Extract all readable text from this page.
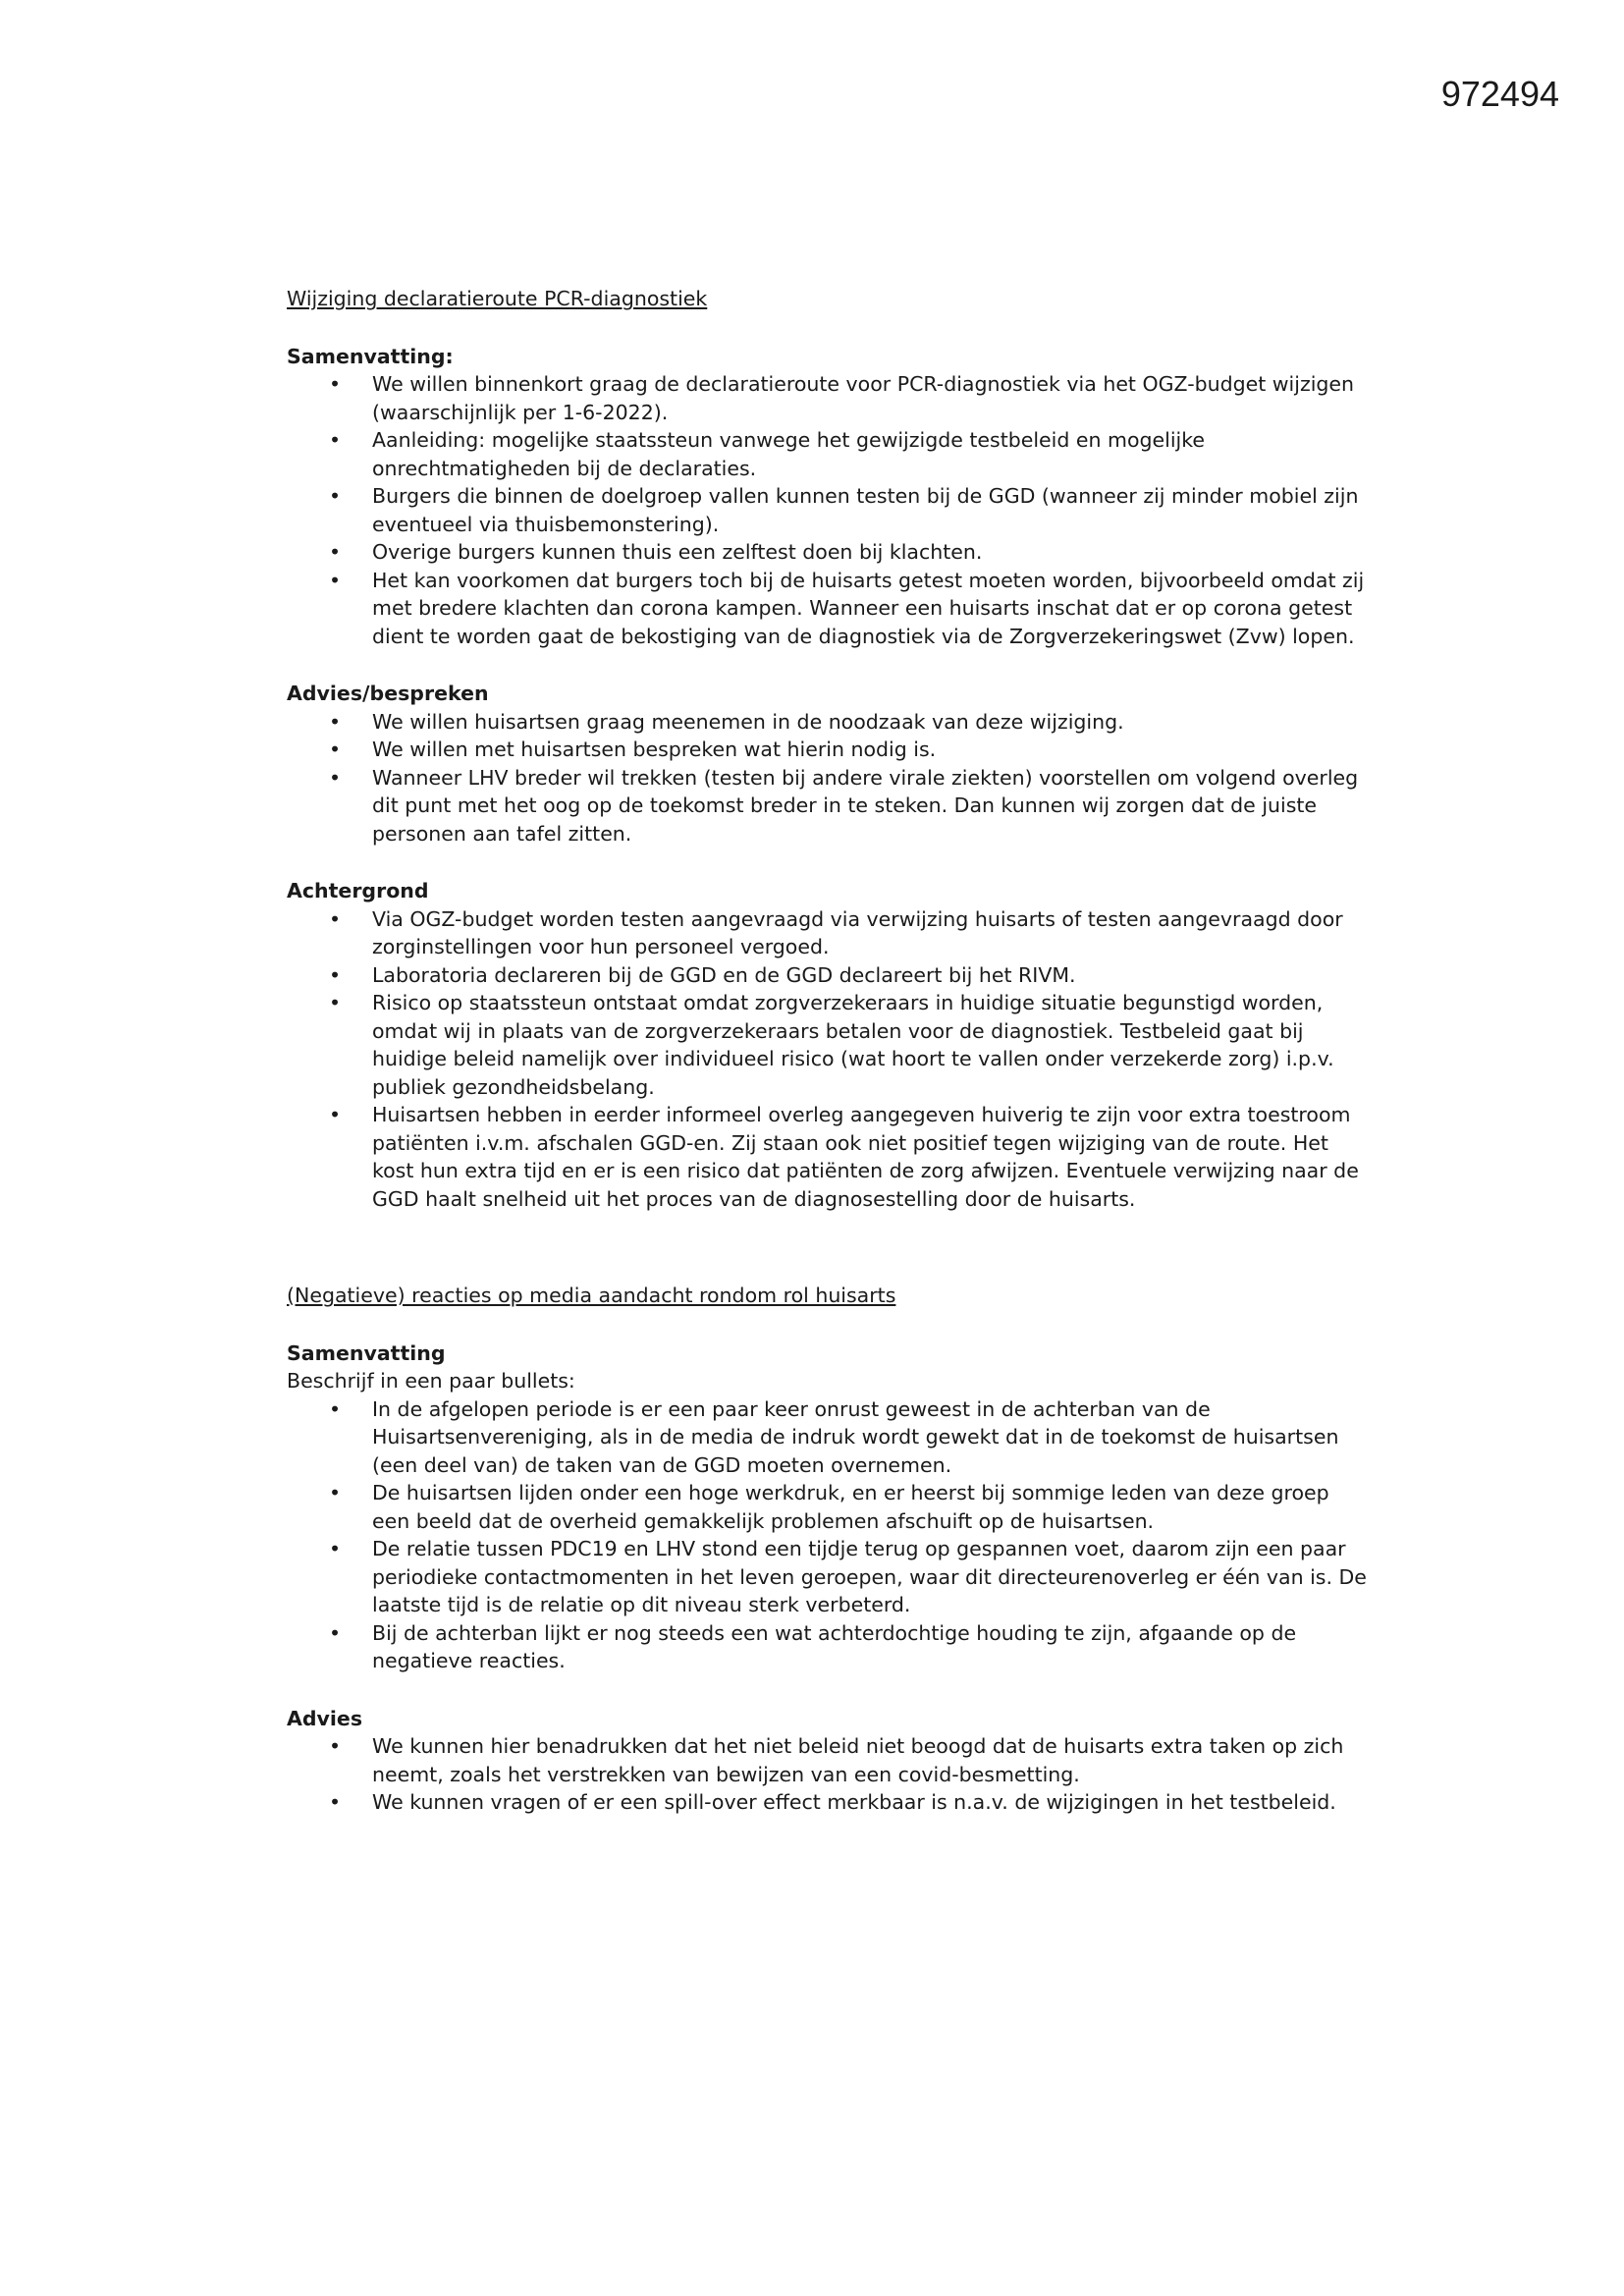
972494

Wijziging declaratieroute PCR-diagnostiek

Samenvatting:

• We willen binnenkort graag de declaratieroute voor PCR-diagnostiek via het OGZ-budget wijzigen (waarschijnlijk per 1-6-2022).
• Aanleiding: mogelijke staatssteun vanwege het gewijzigde testbeleid en mogelijke onrechtmatigheden bij de declaraties.
• Burgers die binnen de doelgroep vallen kunnen testen bij de GGD (wanneer zij minder mobiel zijn eventueel via thuisbemonstering).
• Overige burgers kunnen thuis een zelftest doen bij klachten.
• Het kan voorkomen dat burgers toch bij de huisarts getest moeten worden, bijvoorbeeld omdat zij met bredere klachten dan corona kampen. Wanneer een huisarts inschat dat er op corona getest dient te worden gaat de bekostiging van de diagnostiek via de Zorgverzekeringswet (Zvw) lopen.

Advies/bespreken

• We willen huisartsen graag meenemen in de noodzaak van deze wijziging.
• We willen met huisartsen bespreken wat hierin nodig is.
• Wanneer LHV breder wil trekken (testen bij andere virale ziekten) voorstellen om volgend overleg dit punt met het oog op de toekomst breder in te steken. Dan kunnen wij zorgen dat de juiste personen aan tafel zitten.

Achtergrond

• Via OGZ-budget worden testen aangevraagd via verwijzing huisarts of testen aangevraagd door zorginstellingen voor hun personeel vergoed.
• Laboratoria declareren bij de GGD en de GGD declareert bij het RIVM.
• Risico op staatssteun ontstaat omdat zorgverzekeraars in huidige situatie begunstigd worden, omdat wij in plaats van de zorgverzekeraars betalen voor de diagnostiek. Testbeleid gaat bij huidige beleid namelijk over individueel risico (wat hoort te vallen onder verzekerde zorg) i.p.v. publiek gezondheidsbelang.
• Huisartsen hebben in eerder informeel overleg aangegeven huiverig te zijn voor extra toestroom patiënten i.v.m. afschalen GGD-en. Zij staan ook niet positief tegen wijziging van de route. Het kost hun extra tijd en er is een risico dat patiënten de zorg afwijzen. Eventuele verwijzing naar de GGD haalt snelheid uit het proces van de diagnosestelling door de huisarts.

(Negatieve) reacties op media aandacht rondom rol huisarts

Samenvatting

Beschrijf in een paar bullets:

• In de afgelopen periode is er een paar keer onrust geweest in de achterban van de Huisartsenvereniging, als in de media de indruk wordt gewekt dat in de toekomst de huisartsen (een deel van) de taken van de GGD moeten overnemen.
• De huisartsen lijden onder een hoge werkdruk, en er heerst bij sommige leden van deze groep een beeld dat de overheid gemakkelijk problemen afschuift op de huisartsen.
• De relatie tussen PDC19 en LHV stond een tijdje terug op gespannen voet, daarom zijn een paar periodieke contactmomenten in het leven geroepen, waar dit directeurenoverleg er één van is. De laatste tijd is de relatie op dit niveau sterk verbeterd.
• Bij de achterban lijkt er nog steeds een wat achterdochtige houding te zijn, afgaande op de negatieve reacties.

Advies

• We kunnen hier benadrukken dat het niet beleid niet beoogd dat de huisarts extra taken op zich neemt, zoals het verstrekken van bewijzen van een covid-besmetting.
• We kunnen vragen of er een spill-over effect merkbaar is n.a.v. de wijzigingen in het testbeleid.
